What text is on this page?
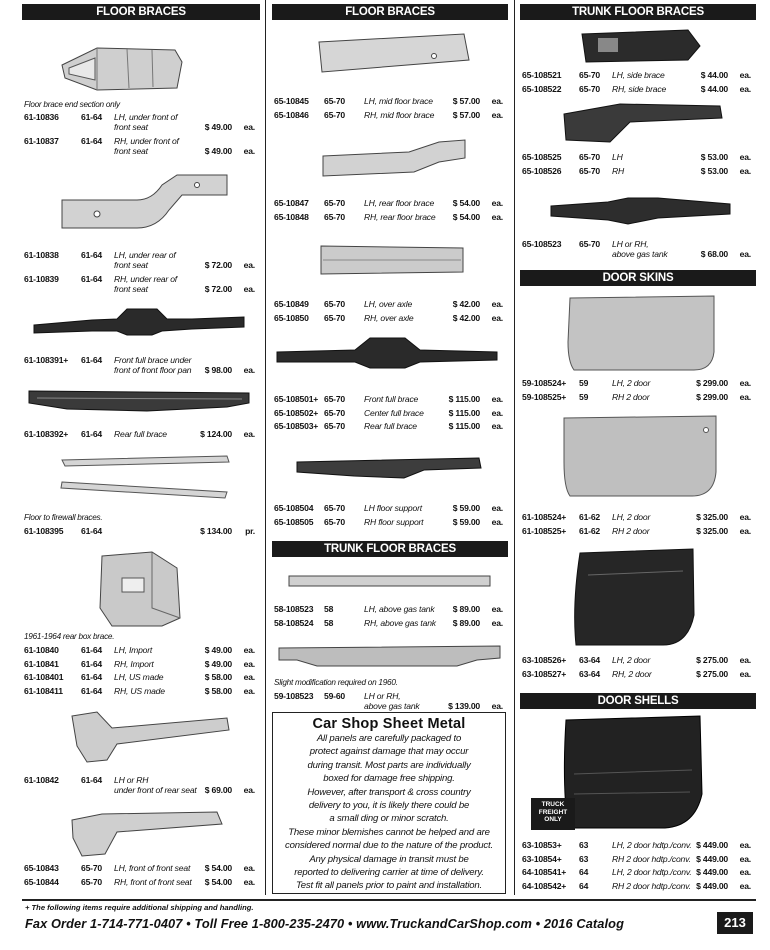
FLOOR BRACES
Floor brace end section only
Floor to firewall braces.
1961-1964 rear box brace.
61-10836	61-64 LH, under front of
front seat	$ 49.00 ea.
61-10837	61-64 RH, under front of
front seat	$ 49.00 ea.
61-10838	61-64 LH, under rear of
front seat	$ 72.00 ea.
61-10839	61-64 RH, under rear of
front seat	$ 72.00 ea.
61-108391+ 61-64 Front full brace under
front of front floor pan $ 98.00 ea.
61-108392+ 61-64 Rear full brace	$ 124.00 ea.
61-108395 61-64	$ 134.00 pr.
61-10840	61-64 LH, Import	$ 49.00 ea.
61-10841	61-64 RH, Import	$ 49.00 ea.
61-108401 61-64 LH, US made	$ 58.00 ea.
61-108411 61-64 RH, US made	$ 58.00 ea.
61-10842	61-64 LH or RH
under front of rear seat $ 69.00 ea.
65-10843	65-70 LH, front of front seat $ 54.00 ea.
65-10844	65-70 RH, front of front seat $ 54.00 ea.
FLOOR BRACES
TRUNK FLOOR BRACES
Slight modification required on 1960.
65-10845 65-70 LH, mid floor brace $ 57.00 ea.
65-10846 65-70 RH, mid floor brace $ 57.00 ea.
65-10847 65-70 LH, rear floor brace $ 54.00 ea.
65-10848 65-70 RH, rear floor brace $ 54.00 ea.
65-10849 65-70 LH, over axle	$ 42.00 ea.
65-10850 65-70 RH, over axle	$ 42.00 ea.
65-108501+ 65-70 Front full brace	$ 115.00 ea.
65-108502+ 65-70 Center full brace	$ 115.00 ea.
65-108503+ 65-70 Rear full brace	$ 115.00 ea.
65-108504 65-70 LH floor support	$ 59.00 ea.
65-108505 65-70 RH floor support	$ 59.00 ea.
58-108523 58	LH, above gas tank $ 89.00 ea.
58-108524 58	RH, above gas tank $ 89.00 ea.
59-108523 59-60 LH or RH,
above gas tank	$ 139.00 ea.
Car Shop Sheet Metal
All panels are carefully packaged to
protect against damage that may occur
during transit. Most parts are individually
boxed for damage free shipping.
However, after transport & cross country
delivery to you, it is likely there could be
a small ding or minor scratch.
These minor blemishes cannot be helped and are
considered normal due to the nature of the product.
Any physical damage in transit must be
reported to delivering carrier at time of delivery.
Test fit all panels prior to paint and installation.
TRUNK FLOOR BRACES
DOOR SKINS
DOOR SHELLS
65-108521 65-70 LH, side brace	$ 44.00 ea.
65-108522 65-70 RH, side brace	$ 44.00 ea.
65-108525 65-70 LH	$ 53.00 ea.
65-108526 65-70 RH	$ 53.00 ea.
65-108523 65-70 LH or RH,
above gas tank	$ 68.00 ea.
59-108524+ 59	LH, 2 door	$ 299.00 ea.
59-108525+ 59	RH 2 door	$ 299.00 ea.
61-108524+ 61-62 LH, 2 door	$ 325.00 ea.
61-108525+ 61-62 RH 2 door	$ 325.00 ea.
63-108526+ 63-64 LH, 2 door	$ 275.00 ea.
63-108527+ 63-64 RH, 2 door	$ 275.00 ea.
63-10853+ 63	LH, 2 door hdtp./conv. $ 449.00 ea.
63-10854+ 63	RH 2 door hdtp./conv. $ 449.00 ea.
64-108541+ 64	LH, 2 door hdtp./conv. $ 449.00 ea.
64-108542+ 64	RH 2 door hdtp./conv. $ 449.00 ea.
TRUCK FREIGHT ONLY
+ The following items require additional shipping and handling.
Fax Order 1-714-771-0407 • Toll Free 1-800-235-2470 • www.TruckandCarShop.com • 2016 Catalog	213
